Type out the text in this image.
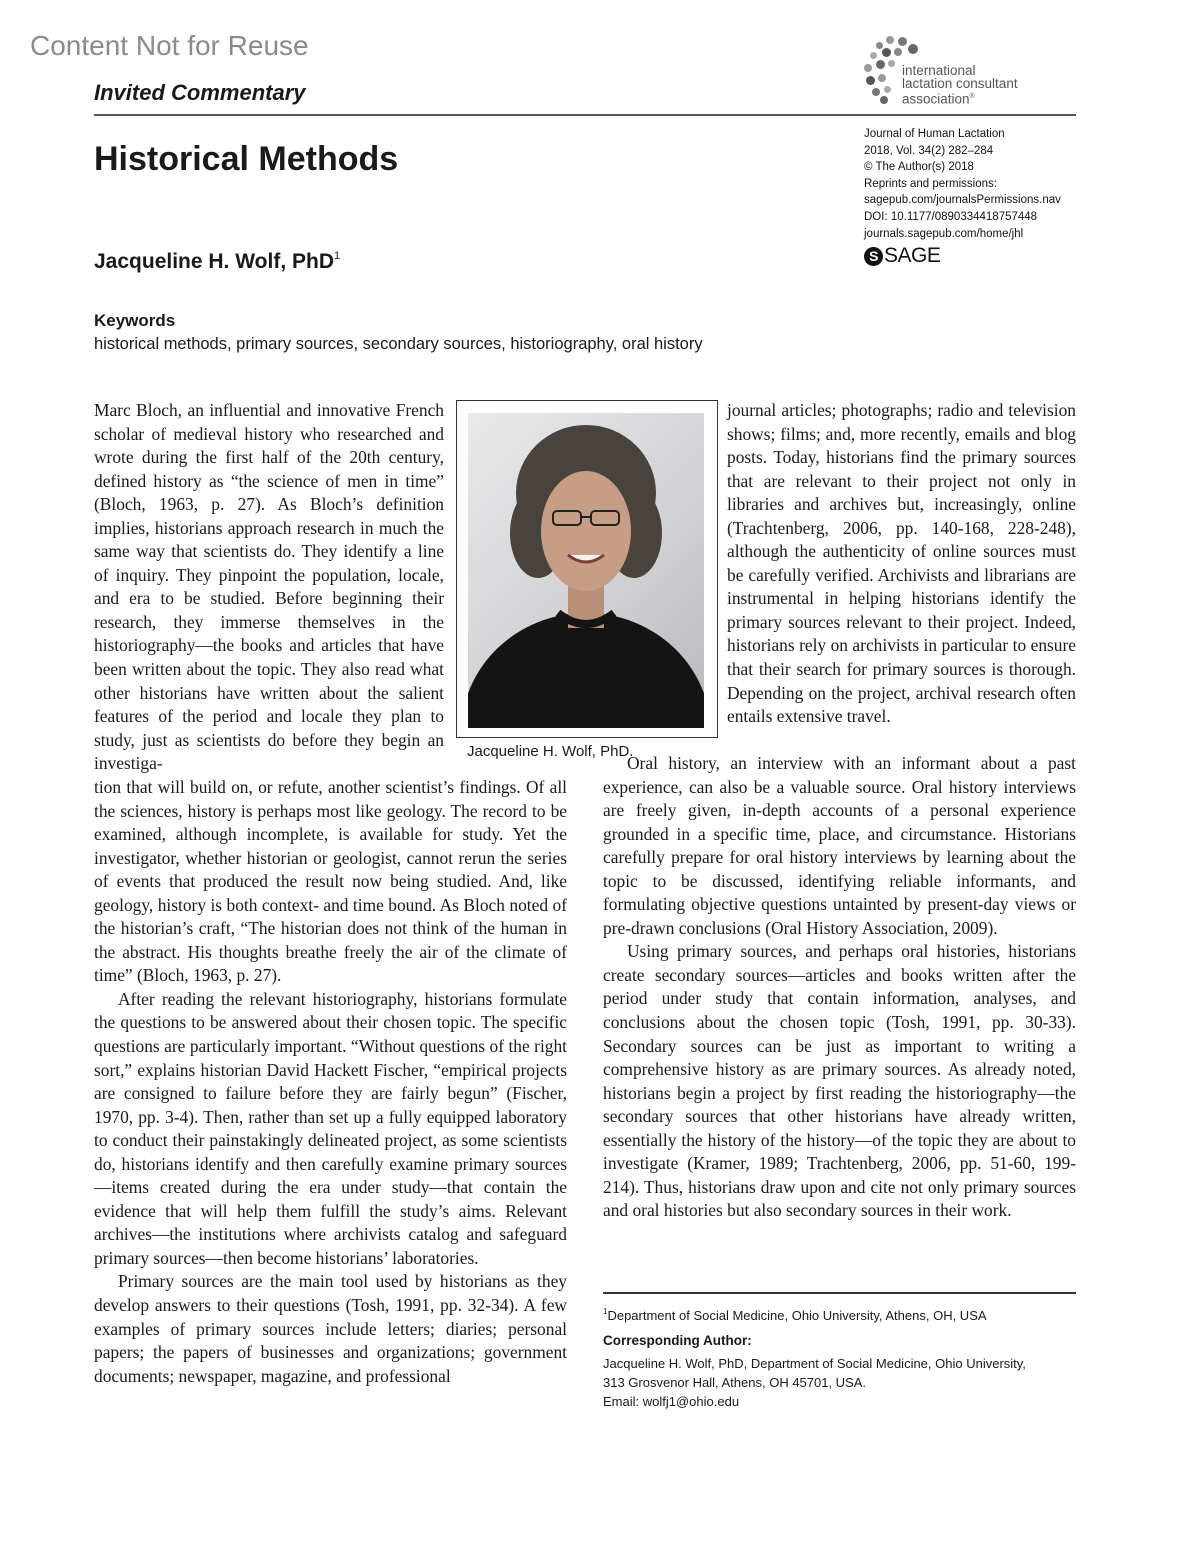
Content Not for Reuse
Invited Commentary
international
lactation consultant
association®
Journal of Human Lactation
2018, Vol. 34(2) 282–284
© The Author(s) 2018
Reprints and permissions:
sagepub.com/journalsPermissions.nav
DOI: 10.1177/0890334418757448
journals.sagepub.com/home/jhl
S SAGE
Historical Methods
Jacqueline H. Wolf, PhD$^1$
Keywords
historical methods, primary sources, secondary sources, historiography, oral history

Marc Bloch, an influential and innovative French scholar of medieval history who researched and wrote during the first half of the 20th century, defined history as “the science of men in time” (Bloch, 1963, p. 27). As Bloch’s definition implies, historians approach research in much the same way that scientists do. They identify a line of inquiry. They pinpoint the population, locale, and era to be studied. Before beginning their research, they immerse themselves in the historiography—the books and articles that have been written about the topic. They also read what other historians have written about the salient features of the period and locale they plan to study, just as scientists do before they begin an investiga-

Jacqueline H. Wolf, PhD.

journal articles; photographs; radio and television shows; films; and, more recently, emails and blog posts. Today, historians find the primary sources that are relevant to their project not only in libraries and archives but, increasingly, online (Trachtenberg, 2006, pp. 140-168, 228-248), although the authenticity of online sources must be carefully verified. Archivists and librarians are instrumental in helping historians identify the primary sources relevant to their project. Indeed, historians rely on archivists in particular to ensure that their search for primary sources is thorough. Depending on the project, archival research often entails extensive travel.

tion that will build on, or refute, another scientist’s findings. Of all the sciences, history is perhaps most like geology. The record to be examined, although incomplete, is available for study. Yet the investigator, whether historian or geologist, cannot rerun the series of events that produced the result now being studied. And, like geology, history is both context- and time bound. As Bloch noted of the historian’s craft, “The historian does not think of the human in the abstract. His thoughts breathe freely the air of the climate of time” (Bloch, 1963, p. 27).

After reading the relevant historiography, historians formulate the questions to be answered about their chosen topic. The specific questions are particularly important. “Without questions of the right sort,” explains historian David Hackett Fischer, “empirical projects are consigned to failure before they are fairly begun” (Fischer, 1970, pp. 3-4). Then, rather than set up a fully equipped laboratory to conduct their painstakingly delineated project, as some scientists do, historians identify and then carefully examine primary sources—items created during the era under study—that contain the evidence that will help them fulfill the study’s aims. Relevant archives—the institutions where archivists catalog and safeguard primary sources—then become historians’ laboratories.

Primary sources are the main tool used by historians as they develop answers to their questions (Tosh, 1991, pp. 32-34). A few examples of primary sources include letters; diaries; personal papers; the papers of businesses and organizations; government documents; newspaper, magazine, and professional

Oral history, an interview with an informant about a past experience, can also be a valuable source. Oral history interviews are freely given, in-depth accounts of a personal experience grounded in a specific time, place, and circumstance. Historians carefully prepare for oral history interviews by learning about the topic to be discussed, identifying reliable informants, and formulating objective questions untainted by present-day views or pre-drawn conclusions (Oral History Association, 2009).

Using primary sources, and perhaps oral histories, historians create secondary sources—articles and books written after the period under study that contain information, analyses, and conclusions about the chosen topic (Tosh, 1991, pp. 30-33). Secondary sources can be just as important to writing a comprehensive history as are primary sources. As already noted, historians begin a project by first reading the historiography—the secondary sources that other historians have already written, essentially the history of the history—of the topic they are about to investigate (Kramer, 1989; Trachtenberg, 2006, pp. 51-60, 199-214). Thus, historians draw upon and cite not only primary sources and oral histories but also secondary sources in their work.

$^1$Department of Social Medicine, Ohio University, Athens, OH, USA
Corresponding Author:
Jacqueline H. Wolf, PhD, Department of Social Medicine, Ohio University,
313 Grosvenor Hall, Athens, OH 45701, USA.
Email: wolfj1@ohio.edu
